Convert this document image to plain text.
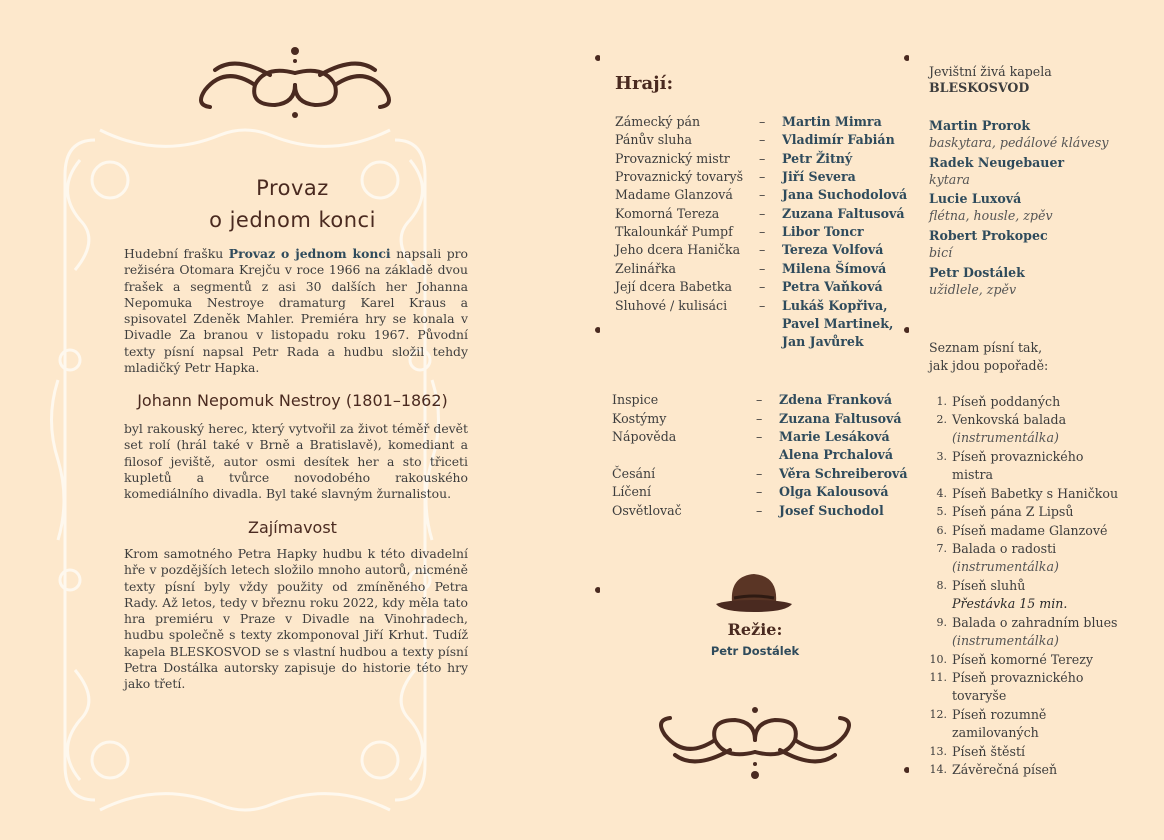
Provaz
o jednom konci

Hudební frašku Provaz o jednom konci napsali pro režiséra Otomara Krejču v roce 1966 na základě dvou frašek a segmentů z asi 30 dalších her Johanna Nepomuka Nestroye dramaturg Karel Kraus a spisovatel Zdeněk Mahler. Premiéra hry se konala v Divadle Za branou v listopadu roku 1967. Původní texty písní napsal Petr Rada a hudbu složil tehdy mladičký Petr Hapka.

Johann Nepomuk Nestroy (1801–1862)
byl rakouský herec, který vytvořil za život téměř devět set rolí (hrál také v Brně a Bratislavě), komediant a filosof jeviště, autor osmi desítek her a sto třiceti kupletů a tvůrce novodobého rakouského komediálního divadla. Byl také slavným žurnalistou.
Zajímavost
Krom samotného Petra Hapky hudbu k této divadelní hře v pozdějších letech složilo mnoho autorů, nicméně texty písní byly vždy použity od zmíněného Petra Rady. Až letos, tedy v březnu roku 2022, kdy měla tato hra premiéru v Praze v Divadle na Vinohradech, hudbu společně s texty zkomponoval Jiří Krhut. Tudíž kapela BLESKOSVOD se s vlastní hudbou a texty písní Petra Dostálka autorsky zapisuje do historie této hry jako třetí.
Hrají:
Zámecký pán	– Martin Mimra
Pánův sluha	– Vladimír Fabián
Provaznický mistr – Petr Žitný
Provaznický tovaryš – Jiří Severa
Madame Glanzová – Jana Suchodolová
Komorná Tereza	– Zuzana Faltusová
Tkalounkář Pumpf – Libor Toncr
Jeho dcera Hanička – Tereza Volfová
Zelinářka	– Milena Šímová
Její dcera Babetka – Petra Vaňková
Sluhové / kulisáci	– Lukáš Kopřiva,
Pavel Martinek,
Jan Javůrek
Inspice	– Zdena Franková
Kostýmy	– Zuzana Faltusová
Nápověda	– Marie Lesáková
Alena Prchalová
Česání	– Věra Schreiberová
Líčení	– Olga Kalousová
Osvětlovač	– Josef Suchodol
Režie:
Petr Dostálek
Jevištní živá kapela
BLESKOSVOD
Martin Prorok
baskytara, pedálové klávesy
Radek Neugebauer
kytara
Lucie Luxová
flétna, housle, zpěv
Robert Prokopec
bicí
Petr Dostálek
užidlele, zpěv
Seznam písní tak,
jak jdou popořadě:
1. Píseň poddaných
2. Venkovská balada
(instrumentálka)
3. Píseň provaznického
mistra
4. Píseň Babetky s Haničkou
5. Píseň pána Z Lipsů
6. Píseň madame Glanzové
7. Balada o radosti
(instrumentálka)
8. Píseň sluhů
Přestávka 15 min.
9. Balada o zahradním blues
(instrumentálka)
10. Píseň komorné Terezy
11. Píseň provaznického
tovaryše
12. Píseň rozumně
zamilovaných
13. Píseň štěstí
14. Závěrečná píseň
